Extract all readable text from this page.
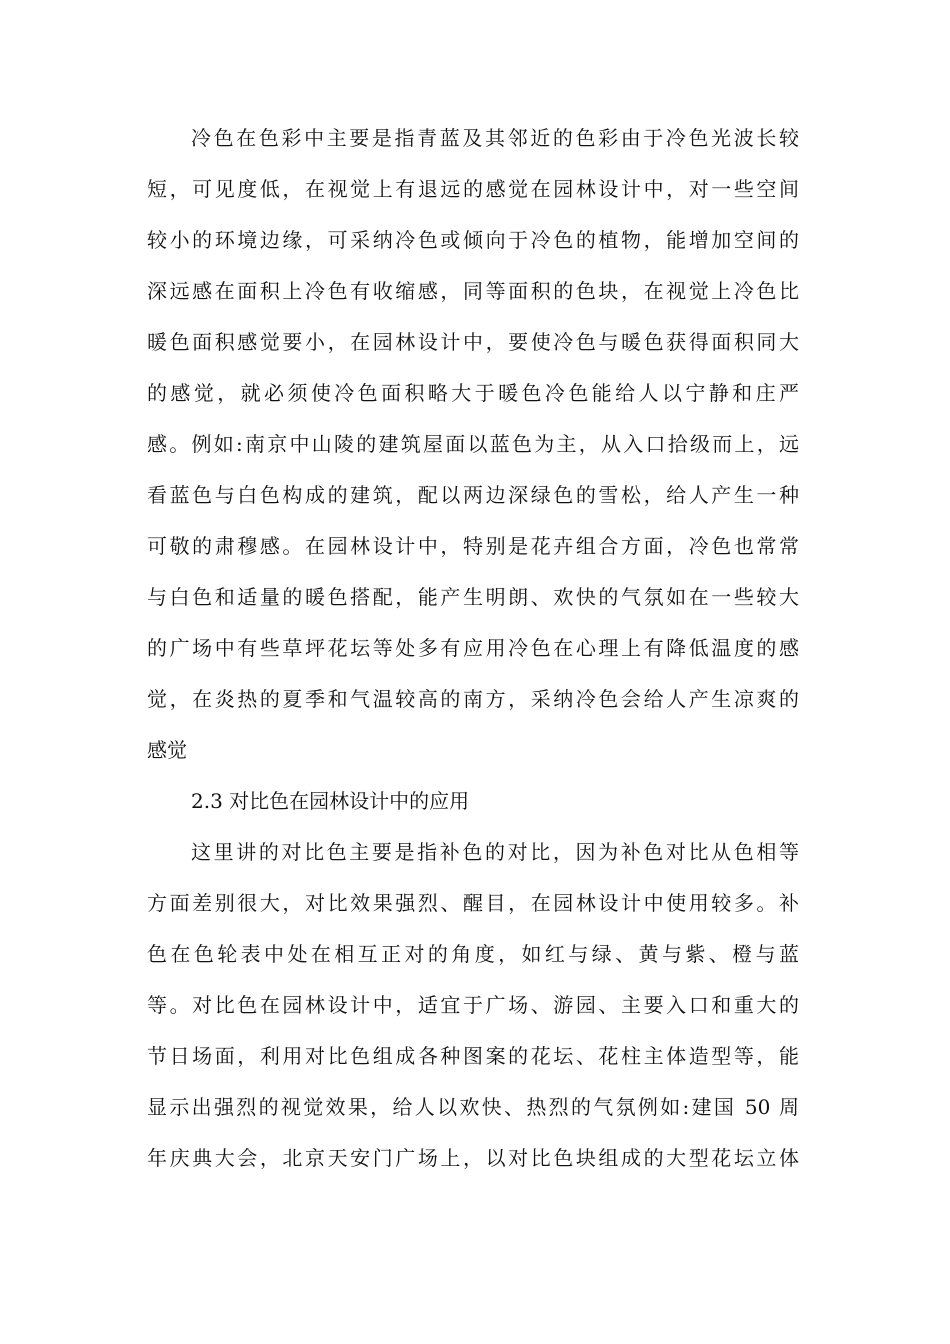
冷色在色彩中主要是指青蓝及其邻近的色彩由于冷色光波长较
短，可见度低，在视觉上有退远的感觉在园林设计中，对一些空间
较小的环境边缘，可采纳冷色或倾向于冷色的植物，能增加空间的
深远感在面积上冷色有收缩感，同等面积的色块，在视觉上冷色比
暖色面积感觉要小，在园林设计中，要使冷色与暖色获得面积同大
的感觉，就必须使冷色面积略大于暖色冷色能给人以宁静和庄严
感。例如:南京中山陵的建筑屋面以蓝色为主，从入口拾级而上，远
看蓝色与白色构成的建筑，配以两边深绿色的雪松，给人产生一种
可敬的肃穆感。在园林设计中，特别是花卉组合方面，冷色也常常
与白色和适量的暖色搭配，能产生明朗、欢快的气氛如在一些较大
的广场中有些草坪花坛等处多有应用冷色在心理上有降低温度的感
觉，在炎热的夏季和气温较高的南方，采纳冷色会给人产生凉爽的
感觉
2.3 对比色在园林设计中的应用
这里讲的对比色主要是指补色的对比，因为补色对比从色相等
方面差别很大，对比效果强烈、醒目，在园林设计中使用较多。补
色在色轮表中处在相互正对的角度，如红与绿、黄与紫、橙与蓝
等。对比色在园林设计中，适宜于广场、游园、主要入口和重大的
节日场面，利用对比色组成各种图案的花坛、花柱主体造型等，能
显示出强烈的视觉效果，给人以欢快、热烈的气氛例如:建国 50 周
年庆典大会，北京天安门广场上，以对比色块组成的大型花坛立体
